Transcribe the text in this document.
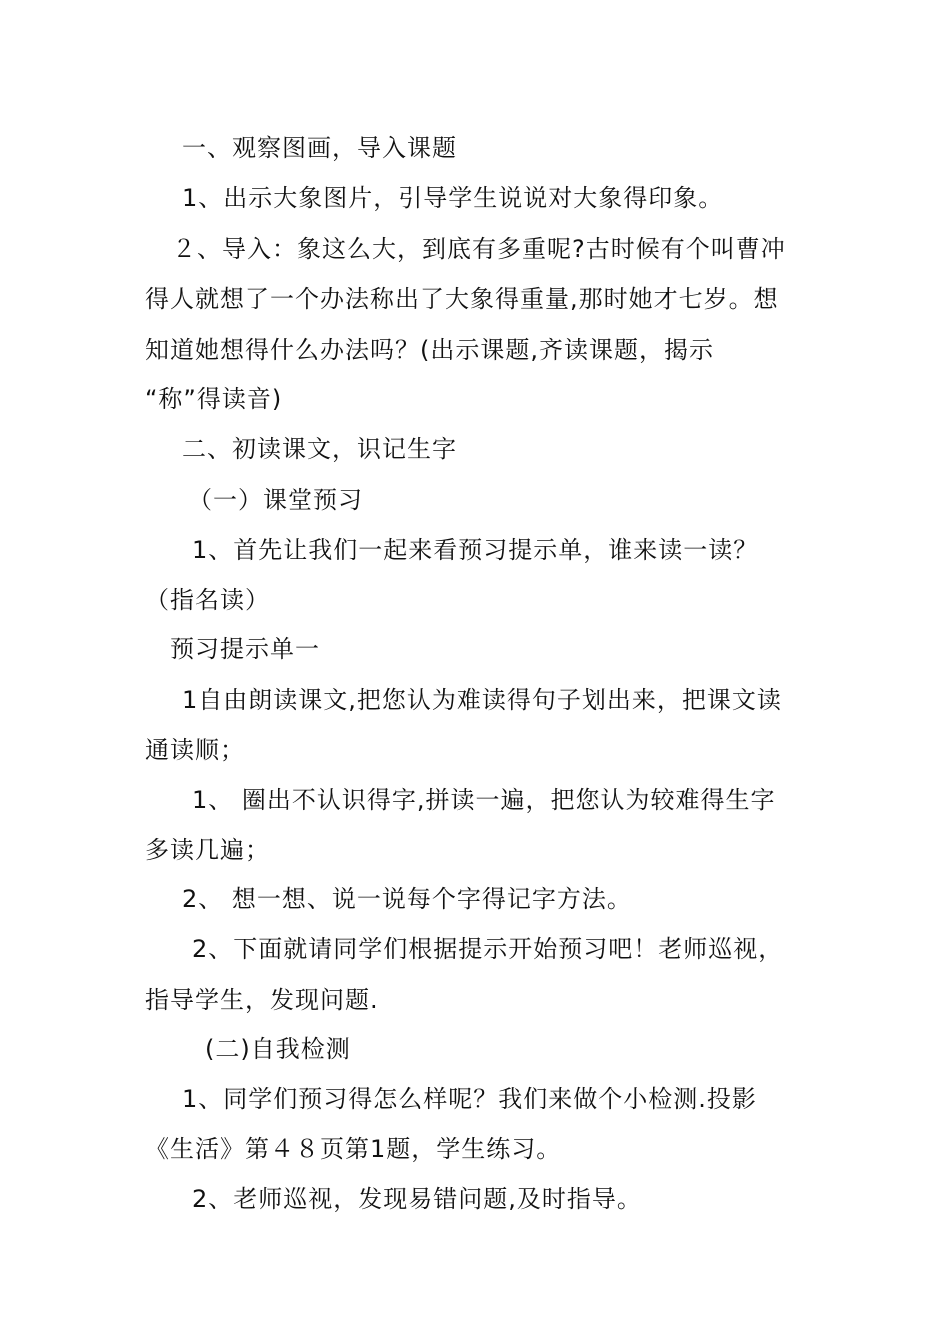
一、观察图画，导入课题
1、出示大象图片，引导学生说说对大象得印象。
２、导入：象这么大，到底有多重呢?古时候有个叫曹冲
得人就想了一个办法称出了大象得重量,那时她才七岁。想
知道她想得什么办法吗？(出示课题,齐读课题，揭示
“称”得读音)
二、初读课文，识记生字
（一）课堂预习
1、首先让我们一起来看预习提示单，谁来读一读？
（指名读）
预习提示单一
1自由朗读课文,把您认为难读得句子划出来，把课文读
通读顺；
1、 圈出不认识得字,拼读一遍，把您认为较难得生字
多读几遍；
2、 想一想、说一说每个字得记字方法。
2、下面就请同学们根据提示开始预习吧！老师巡视，
指导学生，发现问题.
(二)自我检测
1、同学们预习得怎么样呢？我们来做个小检测.投影
《生活》第４８页第1题，学生练习。
2、老师巡视，发现易错问题,及时指导。
